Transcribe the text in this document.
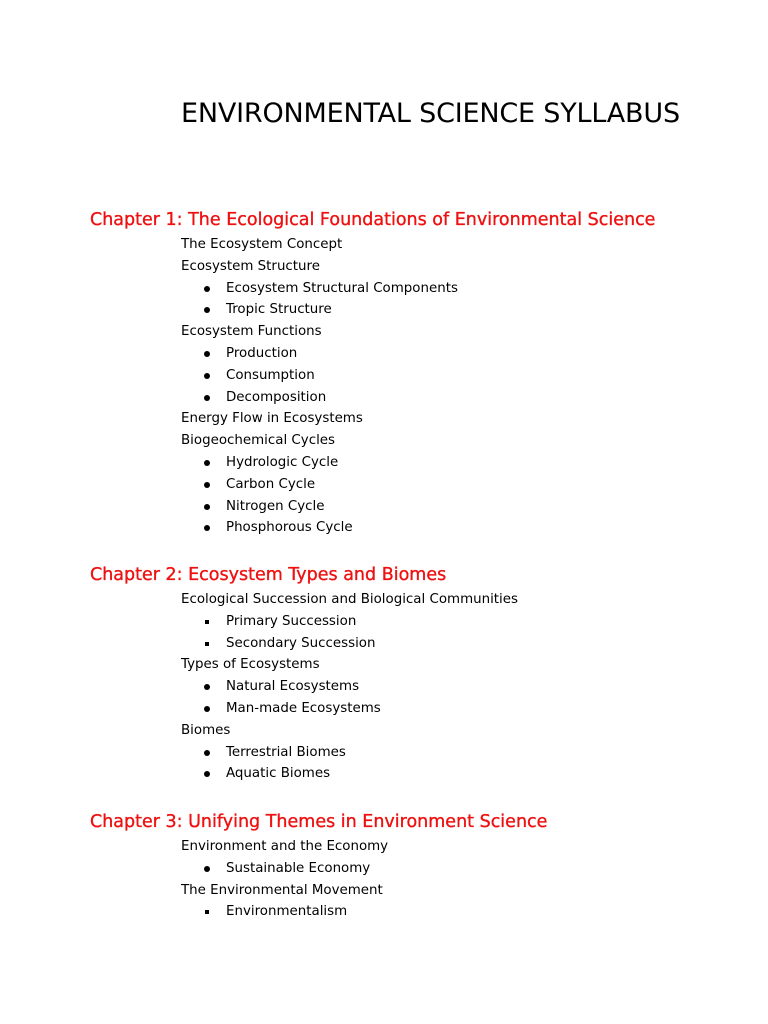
ENVIRONMENTAL SCIENCE SYLLABUS
Chapter 1: The Ecological Foundations of Environmental Science
The Ecosystem Concept
Ecosystem Structure
Ecosystem Structural Components
Tropic Structure
Ecosystem Functions
Production
Consumption
Decomposition
Energy Flow in Ecosystems
Biogeochemical Cycles
Hydrologic Cycle
Carbon Cycle
Nitrogen Cycle
Phosphorous Cycle
Chapter 2: Ecosystem Types and Biomes
Ecological Succession and Biological Communities
Primary Succession
Secondary Succession
Types of Ecosystems
Natural Ecosystems
Man-made Ecosystems
Biomes
Terrestrial Biomes
Aquatic Biomes
Chapter 3: Unifying Themes in Environment Science
Environment and the Economy
Sustainable Economy
The Environmental Movement
Environmentalism
